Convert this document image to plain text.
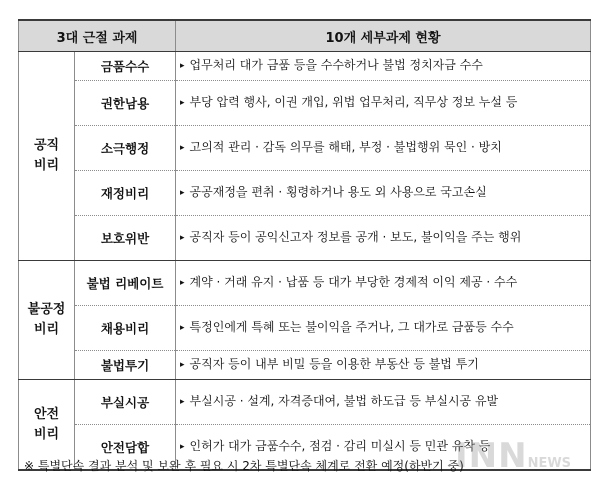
3대 근절 과제		10개 세부과제 현황
공직
비리	금품수수	▸ 업무처리 대가 금품 등을 수수하거나 불법 정치자금 수수
	권한남용	▸ 부당 압력 행사, 이권 개입, 위법 업무처리, 직무상 정보 누설 등
	소극행정	▸ 고의적 관리 · 감독 의무를 해태, 부정 · 불법행위 묵인 · 방치
	재정비리	▸ 공공재정을 편취 · 횡령하거나 용도 외 사용으로 국고손실
	보호위반	▸ 공직자 등이 공익신고자 정보를 공개 · 보도, 불이익을 주는 행위
불공정
비리	불법 리베이트	▸ 계약 · 거래 유지 · 납품 등 대가 부당한 경제적 이익 제공 · 수수
	채용비리	▸ 특정인에게 특혜 또는 불이익을 주거나, 그 대가로 금품등 수수
	불법투기	▸ 공직자 등이 내부 비밀 등을 이용한 부동산 등 불법 투기
안전
비리	부실시공	▸ 부실시공 · 설계, 자격증대여, 불법 하도급 등 부실시공 유발
	안전담합	▸ 인허가 대가 금품수수, 점검 · 감리 미실시 등 민관 유착 등
※ 특별단속 결과 분석 및 보완 후 필요 시 2차 특별단속 체계로 전환 예정(하반기 중)
INNNEWS
